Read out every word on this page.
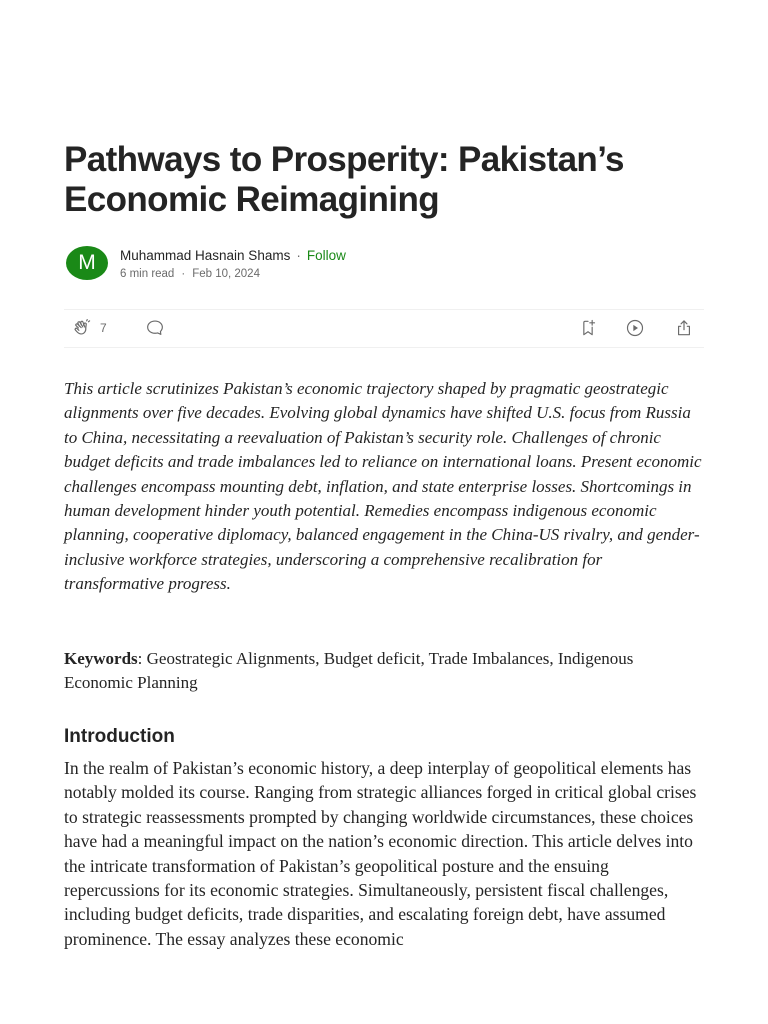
Pathways to Prosperity: Pakistan’s Economic Reimagining
M	Muhammad Hasnain Shams · Follow
6 min read · Feb 10, 2024
7

This article scrutinizes Pakistan’s economic trajectory shaped by pragmatic geostrategic alignments over five decades. Evolving global dynamics have shifted U.S. focus from Russia to China, necessitating a reevaluation of Pakistan’s security role. Challenges of chronic budget deficits and trade imbalances led to reliance on international loans. Present economic challenges encompass mounting debt, inflation, and state enterprise losses. Shortcomings in human development hinder youth potential. Remedies encompass indigenous economic planning, cooperative diplomacy, balanced engagement in the China-US rivalry, and gender-inclusive workforce strategies, underscoring a comprehensive recalibration for transformative progress.

Keywords: Geostrategic Alignments, Budget deficit, Trade Imbalances, Indigenous Economic Planning

Introduction

In the realm of Pakistan’s economic history, a deep interplay of geopolitical elements has notably molded its course. Ranging from strategic alliances forged in critical global crises to strategic reassessments prompted by changing worldwide circumstances, these choices have had a meaningful impact on the nation’s economic direction. This article delves into the intricate transformation of Pakistan’s geopolitical posture and the ensuing repercussions for its economic strategies. Simultaneously, persistent fiscal challenges, including budget deficits, trade disparities, and escalating foreign debt, have assumed prominence. The essay analyzes these economic
